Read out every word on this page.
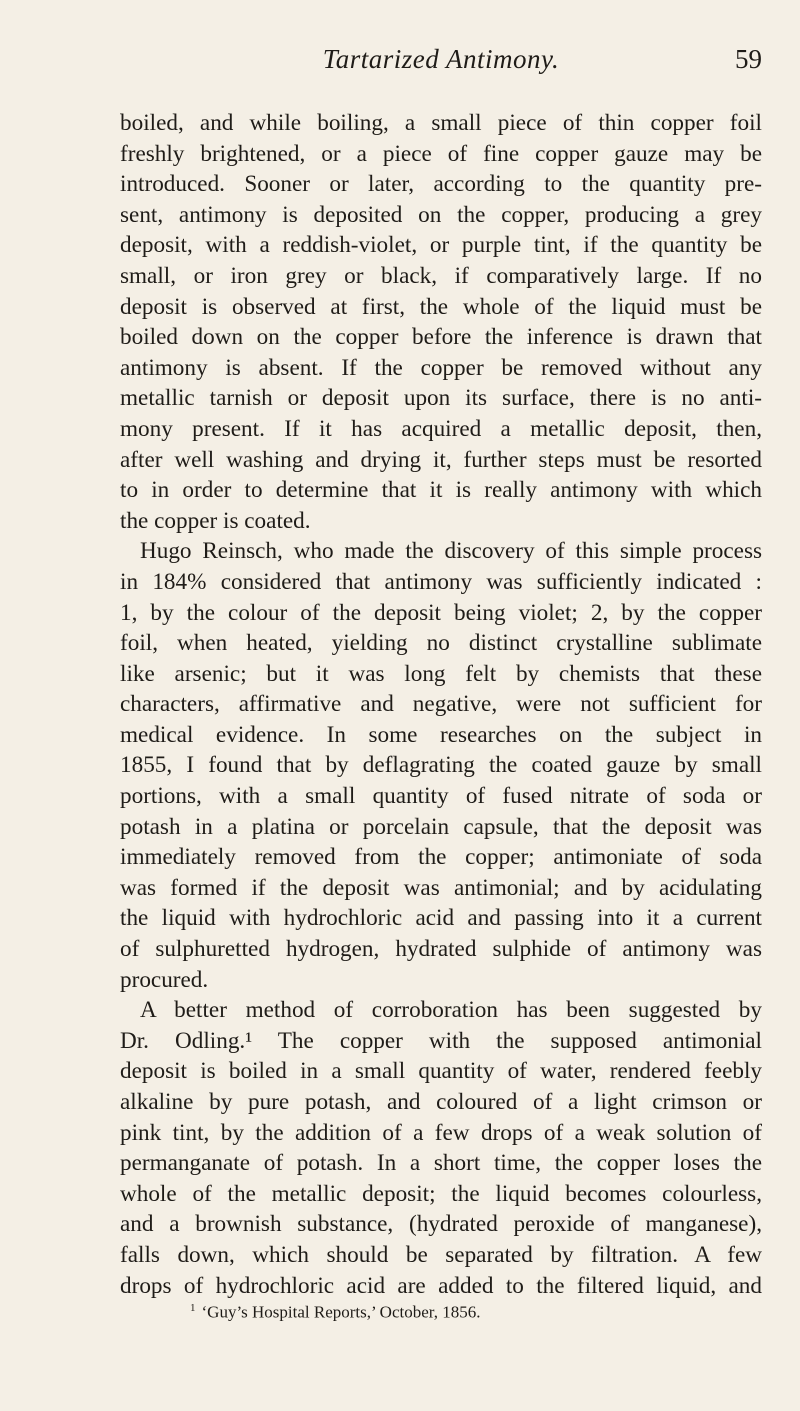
Tartarized Antimony.	59
boiled, and while boiling, a small piece of thin copper foil
freshly brightened, or a piece of fine copper gauze may be
introduced. Sooner or later, according to the quantity pre-
sent, antimony is deposited on the copper, producing a grey
deposit, with a reddish-violet, or purple tint, if the quantity be
small, or iron grey or black, if comparatively large. If no
deposit is observed at first, the whole of the liquid must be
boiled down on the copper before the inference is drawn that
antimony is absent. If the copper be removed without any
metallic tarnish or deposit upon its surface, there is no anti-
mony present. If it has acquired a metallic deposit, then,
after well washing and drying it, further steps must be resorted
to in order to determine that it is really antimony with which
the copper is coated.
Hugo Reinsch, who made the discovery of this simple process
in 184% considered that antimony was sufficiently indicated :
1, by the colour of the deposit being violet; 2, by the copper
foil, when heated, yielding no distinct crystalline sublimate
like arsenic; but it was long felt by chemists that these
characters, affirmative and negative, were not sufficient for
medical evidence. In some researches on the subject in
1855, I found that by deflagrating the coated gauze by small
portions, with a small quantity of fused nitrate of soda or
potash in a platina or porcelain capsule, that the deposit was
immediately removed from the copper; antimoniate of soda
was formed if the deposit was antimonial; and by acidulating
the liquid with hydrochloric acid and passing into it a current
of sulphuretted hydrogen, hydrated sulphide of antimony was
procured.
A better method of corroboration has been suggested by
Dr. Odling.¹ The copper with the supposed antimonial
deposit is boiled in a small quantity of water, rendered feebly
alkaline by pure potash, and coloured of a light crimson or
pink tint, by the addition of a few drops of a weak solution of
permanganate of potash. In a short time, the copper loses the
whole of the metallic deposit; the liquid becomes colourless,
and a brownish substance, (hydrated peroxide of manganese),
falls down, which should be separated by filtration. A few
drops of hydrochloric acid are added to the filtered liquid, and
$^1$ ‘Guy’s Hospital Reports,’ October, 1856.
